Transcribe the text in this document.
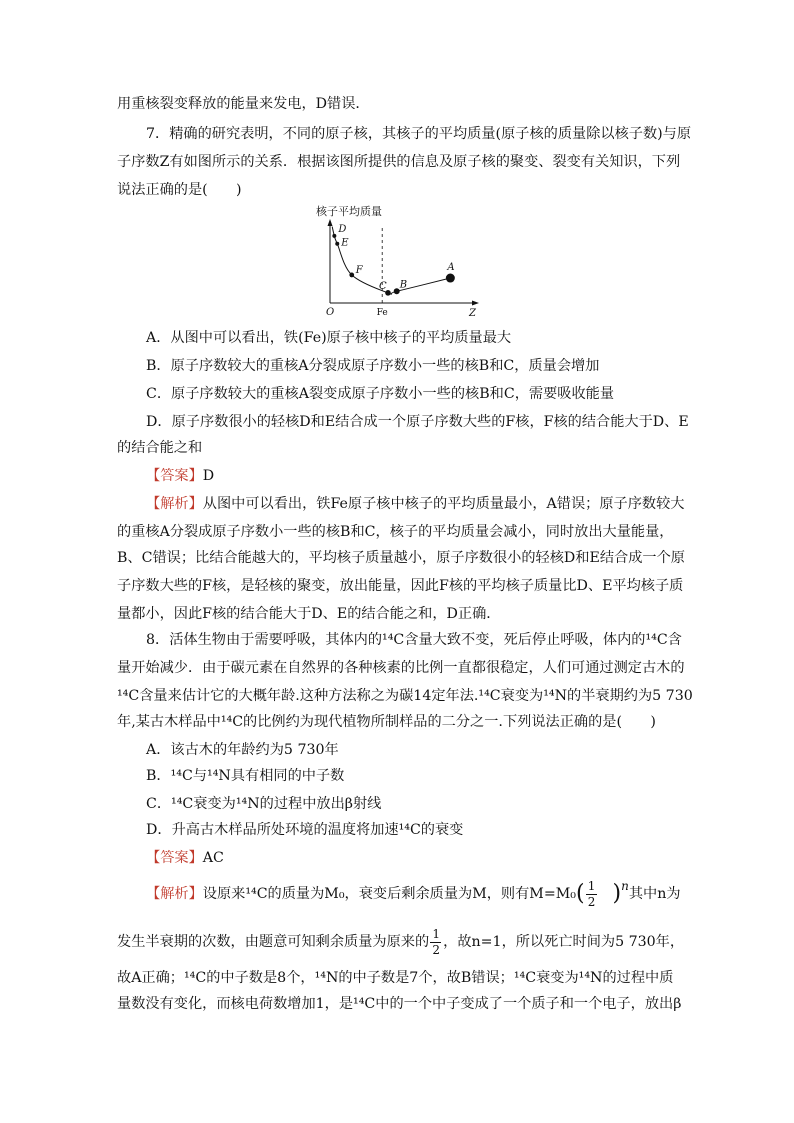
用重核裂变释放的能量来发电，D错误．
7．精确的研究表明，不同的原子核，其核子的平均质量(原子核的质量除以核子数)与原
子序数Z有如图所示的关系．根据该图所提供的信息及原子核的聚变、裂变有关知识，下列
说法正确的是(　　)
核子平均质量
O	Z
Fe
D
E
F
C B
A
A．从图中可以看出，铁(Fe)原子核中核子的平均质量最大
B．原子序数较大的重核A分裂成原子序数小一些的核B和C，质量会增加
C．原子序数较大的重核A裂变成原子序数小一些的核B和C，需要吸收能量
D．原子序数很小的轻核D和E结合成一个原子序数大些的F核，F核的结合能大于D、E
的结合能之和
【答案】D
【解析】从图中可以看出，铁Fe原子核中核子的平均质量最小，A错误；原子序数较大
的重核A分裂成原子序数小一些的核B和C，核子的平均质量会减小，同时放出大量能量，
B、C错误；比结合能越大的，平均核子质量越小，原子序数很小的轻核D和E结合成一个原
子序数大些的F核，是轻核的聚变，放出能量，因此F核的平均核子质量比D、E平均核子质
量都小，因此F核的结合能大于D、E的结合能之和，D正确．
8．活体生物由于需要呼吸，其体内的¹⁴C含量大致不变，死后停止呼吸，体内的¹⁴C含
量开始减少．由于碳元素在自然界的各种核素的比例一直都很稳定，人们可通过测定古木的
¹⁴C含量来估计它的大概年龄.这种方法称之为碳14定年法.¹⁴C衰变为¹⁴N的半衰期约为5 730
年,某古木样品中¹⁴C的比例约为现代植物所制样品的二分之一.下列说法正确的是(　　)
A．该古木的年龄约为5 730年
B．¹⁴C与¹⁴N具有相同的中子数
C．¹⁴C衰变为¹⁴N的过程中放出β射线
D．升高古木样品所处环境的温度将加速¹⁴C的衰变
【答案】AC
【解析】设原来¹⁴C的质量为M₀，衰变后剩余质量为M，则有$M=M_0( \frac{1}{2} )^n$其中n为
发生半衰期的次数，由题意可知剩余质量为原来的 $\frac{1}{2}$ ，故n=1，所以死亡时间为5 730年，
故A正确；¹⁴C的中子数是8个，¹⁴N的中子数是7个，故B错误；¹⁴C衰变为¹⁴N的过程中质
量数没有变化，而核电荷数增加1，是¹⁴C中的一个中子变成了一个质子和一个电子，放出β
